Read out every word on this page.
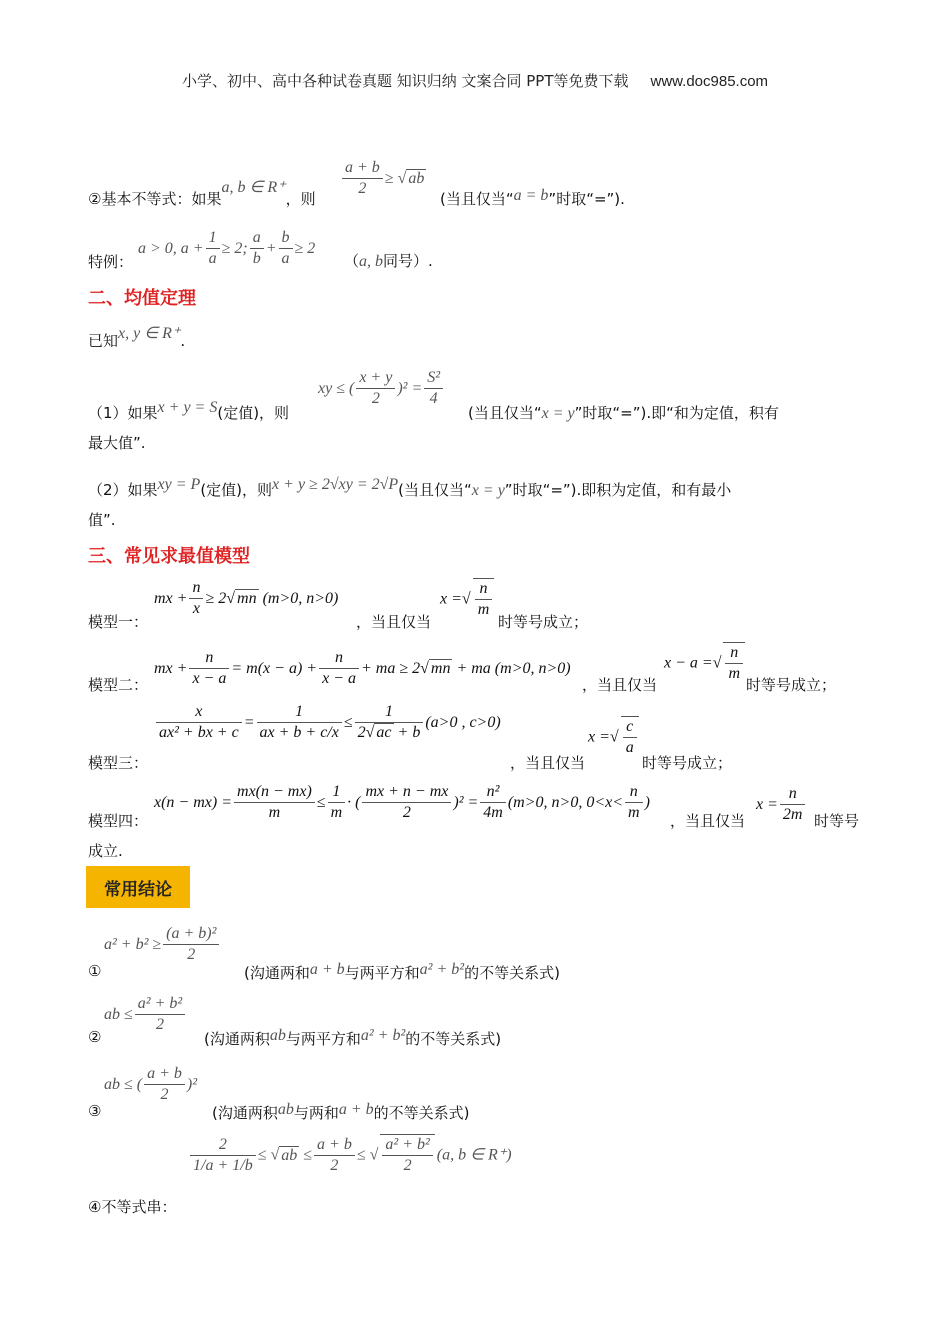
小学、初中、高中各种试卷真题 知识归纳 文案合同 PPT等免费下载 www.doc985.com
②基本不等式：如果a, b ∈ R⁺，则 $\frac{a + b}{2}$ ≥ √ ab
(当且仅当“a = b”时取“=”).
特例：
a > 0, $a + \frac{1}{a} \ge 2$; $\frac{a}{b} + \frac{b}{a} \ge 2$
（a, b同号）.
二、均值定理
已知x, y ∈ R⁺.
（1）如果x + y = S(定值)，则
xy ≤ ( $\frac{x + y}{2} )^2 = \frac{\text{S²}}{4}$
(当且仅当“x = y”时取“=”).即“和为定值，积有
最大值”.
（2）如果xy = P(定值)，则x + y ≥ 2√xy = 2√P(当且仅当“x = y”时取“=”).即积为定值，和有最小
值”.
三、常见求最值模型
模型一：
mx + $\frac{n}{x} \ge 2√$ mn (m>0, n>0)
，当且仅当
x =√ $\frac{n}{m}$
时等号成立；
模型二：
mx + $\frac{n}{x - a} = m(x - a) + \frac{n}{x - a}$ + ma ≥ 2√ mn + ma (m>0, n>0)
，当且仅当
x − a =√ $\frac{n}{m}$
时等号成立；
模型三：
$\frac{x}{\text{ax² + bx + c}} = \frac{1}{ax + b + c/x} \le \frac{1}{2√ ac + b} (a>0$ , c>0)
，当且仅当
x =√ $\frac{c}{a}$
时等号成立；
模型四：
$x(n - mx) = \frac{mx(n - mx)}{m} \le \frac{1}{m}$ · ( $\frac{mx + n - mx}{2} )^2 = \frac{\text{n²}}{4m} (m>0$, n>0, $0<x< \frac{n}{m}$ )
，当且仅当
$x = \frac{n}{2m}$ 时等号
成立.
常用结论
$a^2 + b^2 \ge \frac{\text{(a + b)²}}{2}$
①	(沟通两和a + b与两平方和a² + b²的不等关系式)
ab ≤ $\frac{\text{a² + b²}}{2}$
②	(沟通两积ab与两平方和a² + b²的不等关系式)
ab ≤ ( $\frac{a + b}{2} )^2$
③	(沟通两积ab与两和a + b的不等关系式)
$\frac{2}{1/a + 1/b}$ ≤ √ ab ≤ $\frac{a + b}{2}$ ≤ √ $\frac{\text{a² + b²}}{2} (a$, b ∈ R⁺)
④不等式串：
